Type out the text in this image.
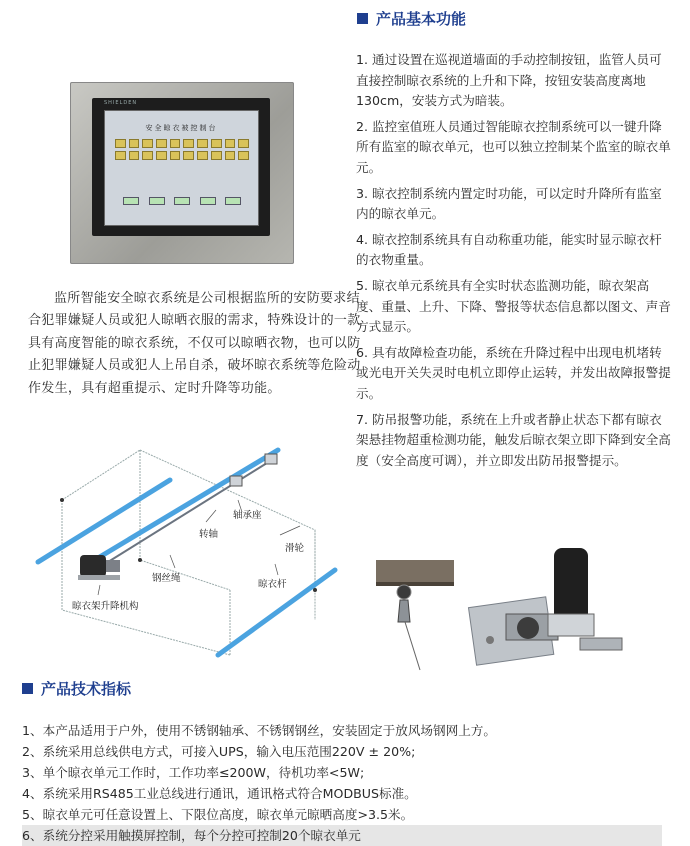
SHIELDEN
安全晾衣被控制台
产品基本功能

1. 通过设置在巡视道墙面的手动控制按钮，监管人员可直接控制晾衣系统的上升和下降，按钮安装高度离地130cm，安装方式为暗装。

2. 监控室值班人员通过智能晾衣控制系统可以一键升降所有监室的晾衣单元，也可以独立控制某个监室的晾衣单元。

3. 晾衣控制系统内置定时功能，可以定时升降所有监室内的晾衣单元。

4. 晾衣控制系统具有自动称重功能，能实时显示晾衣杆的衣物重量。

5. 晾衣单元系统具有全实时状态监测功能，晾衣架高度、重量、上升、下降、警报等状态信息都以图文、声音方式显示。

6. 具有故障检查功能，系统在升降过程中出现电机堵转或光电开关失灵时电机立即停止运转，并发出故障报警提示。

7. 防吊报警功能，系统在上升或者静止状态下都有晾衣架悬挂物超重检测功能，触发后晾衣架立即下降到安全高度（安全高度可调），并立即发出防吊报警提示。

监所智能安全晾衣系统是公司根据监所的安防要求结合犯罪嫌疑人员或犯人晾晒衣服的需求，特殊设计的一款具有高度智能的晾衣系统，不仅可以晾晒衣物，也可以防止犯罪嫌疑人员或犯人上吊自杀，破坏晾衣系统等危险动作发生，具有超重提示、定时升降等功能。
轴承座
转轴
滑轮
钢丝绳
晾衣杆
晾衣架升降机构
产品技术指标

1、本产品适用于户外，使用不锈钢轴承、不锈钢钢丝，安装固定于放风场钢网上方。

2、系统采用总线供电方式，可接入UPS，输入电压范围220V ± 20%;

3、单个晾衣单元工作时，工作功率≤200W，待机功率<5W;

4、系统采用RS485工业总线进行通讯，通讯格式符合MODBUS标准。

5、晾衣单元可任意设置上、下限位高度，晾衣单元晾晒高度>3.5米。

6、系统分控采用触摸屏控制，每个分控可控制20个晾衣单元
